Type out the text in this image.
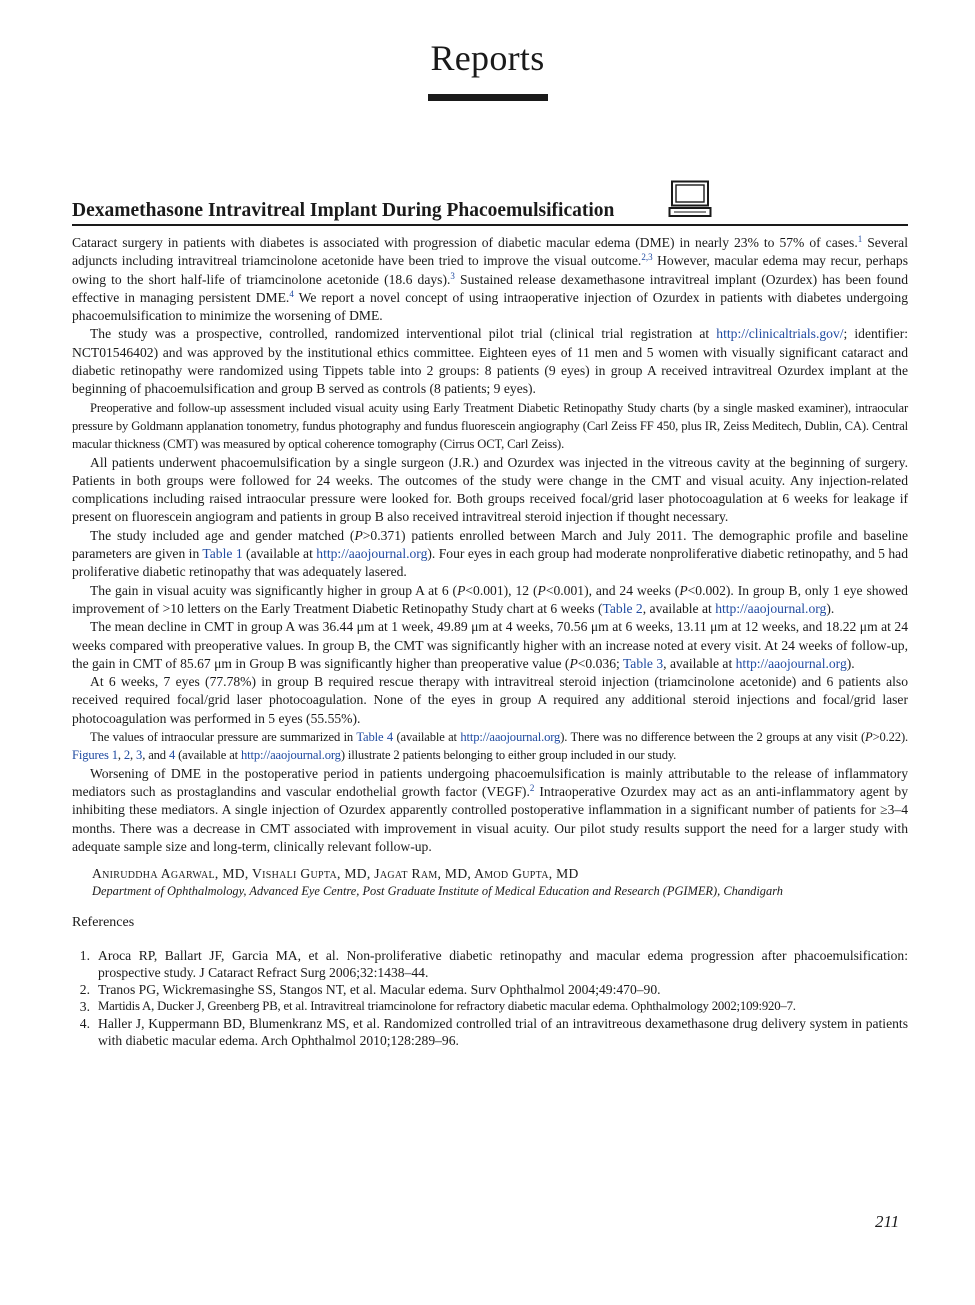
Reports
Dexamethasone Intravitreal Implant During Phacoemulsification

Cataract surgery in patients with diabetes is associated with progression of diabetic macular edema (DME) in nearly 23% to 57% of cases.$^1$ Several adjuncts including intravitreal triamcinolone acetonide have been tried to improve the visual outcome.$^{2,3}$ However, macular edema may recur, perhaps owing to the short half-life of triamcinolone acetonide (18.6 days).$^3$ Sustained release dexamethasone intravitreal implant (Ozurdex) has been found effective in managing persistent DME.$^4$ We report a novel concept of using intraoperative injection of Ozurdex in patients with diabetes undergoing phacoemulsification to minimize the worsening of DME.

The study was a prospective, controlled, randomized interventional pilot trial (clinical trial registration at http://clinicaltrials.gov/; identifier: NCT01546402) and was approved by the institutional ethics committee. Eighteen eyes of 11 men and 5 women with visually significant cataract and diabetic retinopathy were randomized using Tippets table into 2 groups: 8 patients (9 eyes) in group A received intravitreal Ozurdex implant at the beginning of phacoemulsification and group B served as controls (8 patients; 9 eyes).

Preoperative and follow-up assessment included visual acuity using Early Treatment Diabetic Retinopathy Study charts (by a single masked examiner), intraocular pressure by Goldmann applanation tonometry, fundus photography and fundus fluorescein angiography (Carl Zeiss FF 450, plus IR, Zeiss Meditech, Dublin, CA). Central macular thickness (CMT) was measured by optical coherence tomography (Cirrus OCT, Carl Zeiss).

All patients underwent phacoemulsification by a single surgeon (J.R.) and Ozurdex was injected in the vitreous cavity at the beginning of surgery. Patients in both groups were followed for 24 weeks. The outcomes of the study were change in the CMT and visual acuity. Any injection-related complications including raised intraocular pressure were looked for. Both groups received focal/grid laser photocoagulation at 6 weeks for leakage if present on fluorescein angiogram and patients in group B also received intravitreal steroid injection if thought necessary.

The study included age and gender matched (P>0.371) patients enrolled between March and July 2011. The demographic profile and baseline parameters are given in Table 1 (available at http://aaojournal.org). Four eyes in each group had moderate nonproliferative diabetic retinopathy, and 5 had proliferative diabetic retinopathy that was adequately lasered.

The gain in visual acuity was significantly higher in group A at 6 (P<0.001), 12 (P<0.001), and 24 weeks (P<0.002). In group B, only 1 eye showed improvement of >10 letters on the Early Treatment Diabetic Retinopathy Study chart at 6 weeks (Table 2, available at http://aaojournal.org).

The mean decline in CMT in group A was 36.44 μm at 1 week, 49.89 μm at 4 weeks, 70.56 μm at 6 weeks, 13.11 μm at 12 weeks, and 18.22 μm at 24 weeks compared with preoperative values. In group B, the CMT was significantly higher with an increase noted at every visit. At 24 weeks of follow-up, the gain in CMT of 85.67 μm in Group B was significantly higher than preoperative value (P<0.036; Table 3, available at http://aaojournal.org).

At 6 weeks, 7 eyes (77.78%) in group B required rescue therapy with intravitreal steroid injection (triamcinolone acetonide) and 6 patients also received required focal/grid laser photocoagulation. None of the eyes in group A required any additional steroid injections and focal/grid laser photocoagulation was performed in 5 eyes (55.55%).

The values of intraocular pressure are summarized in Table 4 (available at http://aaojournal.org). There was no difference between the 2 groups at any visit (P>0.22). Figures 1, 2, 3, and 4 (available at http://aaojournal.org) illustrate 2 patients belonging to either group included in our study.

Worsening of DME in the postoperative period in patients undergoing phacoemulsification is mainly attributable to the release of inflammatory mediators such as prostaglandins and vascular endothelial growth factor (VEGF).$^2$ Intraoperative Ozurdex may act as an anti-inflammatory agent by inhibiting these mediators. A single injection of Ozurdex apparently controlled postoperative inflammation in a significant number of patients for ≥3–4 months. There was a decrease in CMT associated with improvement in visual acuity. Our pilot study results support the need for a larger study with adequate sample size and long-term, clinically relevant follow-up.

Aniruddha Agarwal, MD, Vishali Gupta, MD, Jagat Ram, MD, Amod Gupta, MD
Department of Ophthalmology, Advanced Eye Centre, Post Graduate Institute of Medical Education and Research (PGIMER), Chandigarh
References
1. Aroca RP, Ballart JF, Garcia MA, et al. Non-proliferative diabetic retinopathy and macular edema progression after phacoemulsification: prospective study. J Cataract Refract Surg 2006;32:1438–44.
2. Tranos PG, Wickremasinghe SS, Stangos NT, et al. Macular edema. Surv Ophthalmol 2004;49:470–90.
3. Martidis A, Ducker J, Greenberg PB, et al. Intravitreal triamcinolone for refractory diabetic macular edema. Ophthalmology 2002;109:920–7.
4. Haller J, Kuppermann BD, Blumenkranz MS, et al. Randomized controlled trial of an intravitreous dexamethasone drug delivery system in patients with diabetic macular edema. Arch Ophthalmol 2010;128:289–96.
211
